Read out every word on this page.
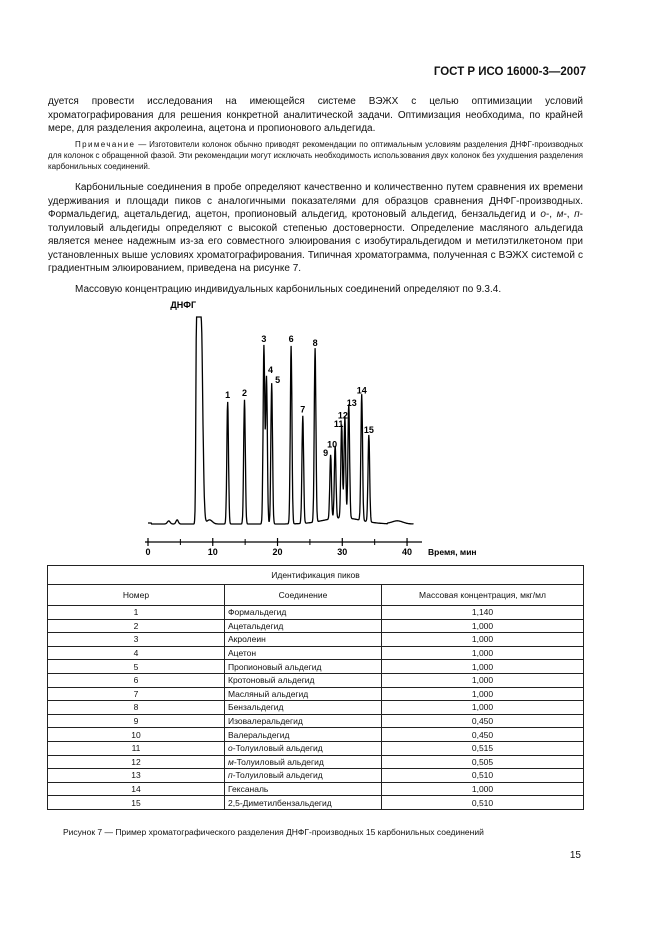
ГОСТ Р ИСО 16000-3—2007

дуется провести исследования на имеющейся системе ВЭЖХ с целью оптимизации условий хроматографирования для решения конкретной аналитической задачи. Оптимизация необходима, по крайней мере, для разделения акролеина, ацетона и пропионового альдегида.

Примечание — Изготовители колонок обычно приводят рекомендации по оптимальным условиям разделения ДНФГ-производных для колонок с обращенной фазой. Эти рекомендации могут исключать необходимость использования двух колонок без ухудшения разделения карбонильных соединений.

Карбонильные соединения в пробе определяют качественно и количественно путем сравнения их времени удерживания и площади пиков с аналогичными показателями для образцов сравнения ДНФГ-производных. Формальдегид, ацетальдегид, ацетон, пропионовый альдегид, кротоновый альдегид, бензальдегид и о-, м-, п-толуиловый альдегиды определяют с высокой степенью достоверности. Определение масляного альдегида является менее надежным из-за его совместного элюирования с изобутиральдегидом и метилэтилкетоном при установленных выше условиях хроматографирования. Типичная хроматограмма, полученная с ВЭЖХ системой с градиентным элюированием, приведена на рисунке 7.

Массовую концентрацию индивидуальных карбонильных соединений определяют по 9.3.4.

0	10	20	30	40
ДНФГ
1 2
3
4
5
6
7
8
9
10
11
12
13
14
15
Время, мин
Идентификация пиков		
Номер	Соединение	Массовая концентрация, мкг/мл
1	Формальдегид	1,140
2	Ацетальдегид	1,000
3	Акролеин	1,000
4	Ацетон	1,000
5	Пропионовый альдегид	1,000
6	Кротоновый альдегид	1,000
7	Масляный альдегид	1,000
8	Бензальдегид	1,000
9	Изовалеральдегид	0,450
10	Валеральдегид	0,450
11	о-Толуиловый альдегид	0,515
12	м-Толуиловый альдегид	0,505
13	п-Толуиловый альдегид	0,510
14	Гексаналь	1,000
15	2,5-Диметилбензальдегид	0,510
Рисунок 7 — Пример хроматографического разделения ДНФГ-производных 15 карбонильных соединений
15
